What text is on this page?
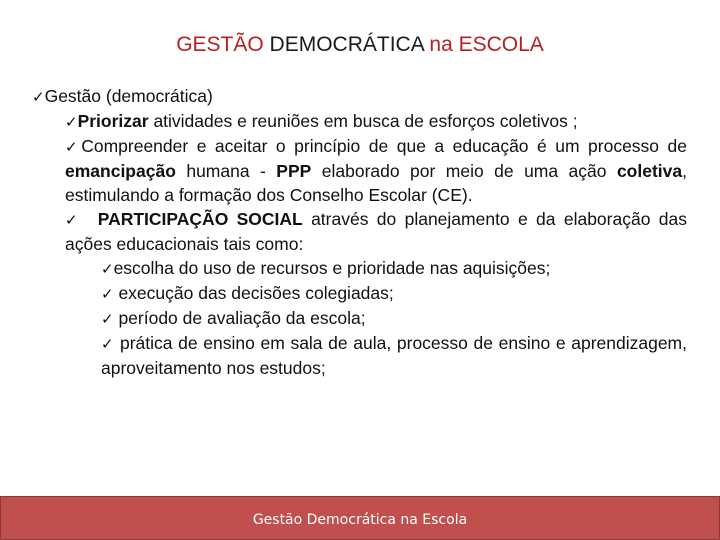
GESTÃO DEMOCRÁTICA na ESCOLA
✓Gestão (democrática)
✓Priorizar atividades e reuniões em busca de esforços coletivos ;
✓Compreender e aceitar o princípio de que a educação é um processo de emancipação humana - PPP elaborado por meio de uma ação coletiva, estimulando a formação dos Conselho Escolar (CE).
✓ PARTICIPAÇÃO SOCIAL através do planejamento e da elaboração das ações educacionais tais como:
✓escolha do uso de recursos e prioridade nas aquisições;
✓ execução das decisões colegiadas;
✓ período de avaliação da escola;
✓ prática de ensino em sala de aula, processo de ensino e aprendizagem, aproveitamento nos estudos;
Gestão Democrática na Escola
